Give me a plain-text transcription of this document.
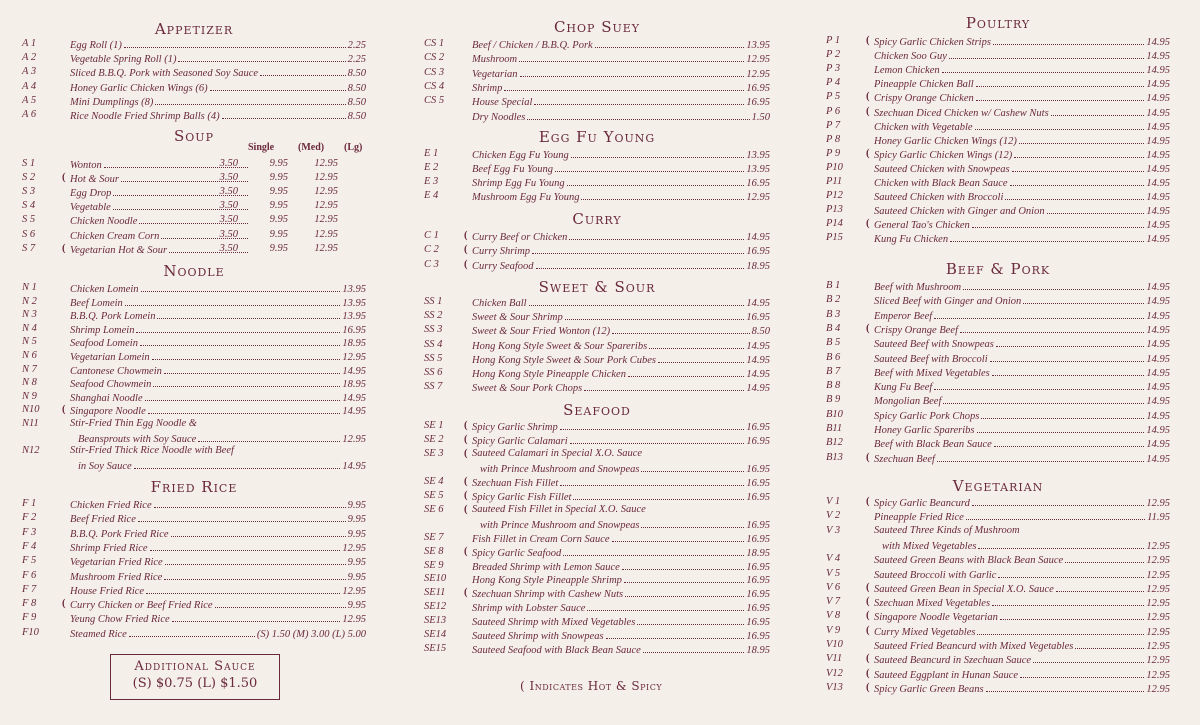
Appetizer
A 1	Egg Roll (1)	2.25
A 2	Vegetable Spring Roll (1)	2.25
A 3	Sliced B.B.Q. Pork with Seasoned Soy Sauce	8.50
A 4	Honey Garlic Chicken Wings (6)	8.50
A 5	Mini Dumplings (8)	8.50
A 6	Rice Noodle Fried Shrimp Balls (4)	8.50
Soup
Single (Med) (Lg)
S 1	Wonton	3.50	9.95	12.95
S 2	( Hot & Sour	3.50	9.95	12.95
S 3	Egg Drop	3.50	9.95	12.95
S 4	Vegetable	3.50	9.95	12.95
S 5	Chicken Noodle	3.50	9.95	12.95
S 6	Chicken Cream Corn	3.50	9.95	12.95
S 7	( Vegetarian Hot & Sour	3.50	9.95	12.95
Noodle
N 1	Chicken Lomein	13.95
N 2	Beef Lomein	13.95
N 3	B.B.Q. Pork Lomein	13.95
N 4	Shrimp Lomein	16.95
N 5	Seafood Lomein	18.95
N 6	Vegetarian Lomein	12.95
N 7	Cantonese Chowmein	14.95
N 8	Seafood Chowmein	18.95
N 9	Shanghai Noodle	14.95
N10	( Singapore Noodle	14.95
N11	Stir-Fried Thin Egg Noodle &
Beansprouts with Soy Sauce	12.95
N12	Stir-Fried Thick Rice Noodle with Beef
in Soy Sauce	14.95
Fried Rice
F 1	Chicken Fried Rice	9.95
F 2	Beef Fried Rice	9.95
F 3	B.B.Q. Pork Fried Rice	9.95
F 4	Shrimp Fried Rice	12.95
F 5	Vegetarian Fried Rice	9.95
F 6	Mushroom Fried Rice	9.95
F 7	House Fried Rice	12.95
F 8	( Curry Chicken or Beef Fried Rice	9.95
F 9	Yeung Chow Fried Rice	12.95
F10	Steamed Rice	(S) 1.50 (M) 3.00 (L) 5.00
Chop Suey
CS 1	Beef / Chicken / B.B.Q. Pork	13.95
CS 2	Mushroom	12.95
CS 3	Vegetarian	12.95
CS 4	Shrimp	16.95
CS 5	House Special	16.95
Dry Noodles	1.50
Egg Fu Young
E 1	Chicken Egg Fu Young	13.95
E 2	Beef Egg Fu Young	13.95
E 3	Shrimp Egg Fu Young	16.95
E 4	Mushroom Egg Fu Young	12.95
Curry
C 1	( Curry Beef or Chicken	14.95
C 2	( Curry Shrimp	16.95
C 3	( Curry Seafood	18.95
Sweet & Sour
SS 1	Chicken Ball	14.95
SS 2	Sweet & Sour Shrimp	16.95
SS 3	Sweet & Sour Fried Wonton (12)	8.50
SS 4	Hong Kong Style Sweet & Sour Spareribs	14.95
SS 5	Hong Kong Style Sweet & Sour Pork Cubes	14.95
SS 6	Hong Kong Style Pineapple Chicken	14.95
SS 7	Sweet & Sour Pork Chops	14.95
Seafood
SE 1	( Spicy Garlic Shrimp	16.95
SE 2	( Spicy Garlic Calamari	16.95
SE 3	( Sauteed Calamari in Special X.O. Sauce
with Prince Mushroom and Snowpeas	16.95
SE 4	( Szechuan Fish Fillet	16.95
SE 5	( Spicy Garlic Fish Fillet	16.95
SE 6	( Sauteed Fish Fillet in Special X.O. Sauce
with Prince Mushroom and Snowpeas	16.95
SE 7	Fish Fillet in Cream Corn Sauce	16.95
SE 8	( Spicy Garlic Seafood	18.95
SE 9	Breaded Shrimp with Lemon Sauce	16.95
SE10	Hong Kong Style Pineapple Shrimp	16.95
SE11	( Szechuan Shrimp with Cashew Nuts	16.95
SE12	Shrimp with Lobster Sauce	16.95
SE13	Sauteed Shrimp with Mixed Vegetables	16.95
SE14	Sauteed Shrimp with Snowpeas	16.95
SE15	Sauteed Seafood with Black Bean Sauce	18.95
Poultry
P 1	( Spicy Garlic Chicken Strips	14.95
P 2	Chicken Soo Guy	14.95
P 3	Lemon Chicken	14.95
P 4	Pineapple Chicken Ball	14.95
P 5	( Crispy Orange Chicken	14.95
P 6	( Szechuan Diced Chicken w/ Cashew Nuts	14.95
P 7	Chicken with Vegetable	14.95
P 8	Honey Garlic Chicken Wings (12)	14.95
P 9	( Spicy Garlic Chicken Wings (12)	14.95
P10	Sauteed Chicken with Snowpeas	14.95
P11	Chicken with Black Bean Sauce	14.95
P12	Sauteed Chicken with Broccoli	14.95
P13	Sauteed Chicken with Ginger and Onion	14.95
P14	( General Tao's Chicken	14.95
P15	Kung Fu Chicken	14.95
Beef & Pork
B 1	Beef with Mushroom	14.95
B 2	Sliced Beef with Ginger and Onion	14.95
B 3	Emperor Beef	14.95
B 4	( Crispy Orange Beef	14.95
B 5	Sauteed Beef with Snowpeas	14.95
B 6	Sauteed Beef with Broccoli	14.95
B 7	Beef with Mixed Vegetables	14.95
B 8	Kung Fu Beef	14.95
B 9	Mongolian Beef	14.95
B10	Spicy Garlic Pork Chops	14.95
B11	Honey Garlic Spareribs	14.95
B12	Beef with Black Bean Sauce	14.95
B13	( Szechuan Beef	14.95
Vegetarian
V 1	( Spicy Garlic Beancurd	12.95
V 2	Pineapple Fried Rice	11.95
V 3	Sauteed Three Kinds of Mushroom
with Mixed Vegetables	12.95
V 4	Sauteed Green Beans with Black Bean Sauce	12.95
V 5	Sauteed Broccoli with Garlic	12.95
V 6	( Sauteed Green Bean in Special X.O. Sauce	12.95
V 7	( Szechuan Mixed Vegetables	12.95
V 8	( Singapore Noodle Vegetarian	12.95
V 9	( Curry Mixed Vegetables	12.95
V10	Sauteed Fried Beancurd with Mixed Vegetables	12.95
V11	( Sauteed Beancurd in Szechuan Sauce	12.95
V12	( Sauteed Eggplant in Hunan Sauce	12.95
V13	( Spicy Garlic Green Beans	12.95
Additional Sauce
(S) $0.75 (L) $1.50	( Indicates Hot & Spicy
